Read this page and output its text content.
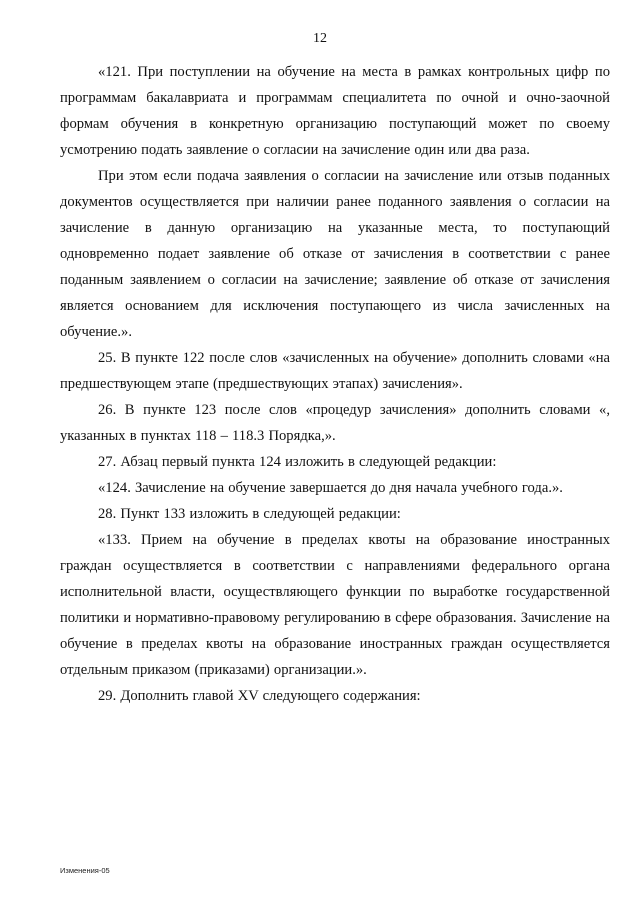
12

«121. При поступлении на обучение на места в рамках контрольных цифр по программам бакалавриата и программам специалитета по очной и очно-заочной формам обучения в конкретную организацию поступающий может по своему усмотрению подать заявление о согласии на зачисление один или два раза.

При этом если подача заявления о согласии на зачисление или отзыв поданных документов осуществляется при наличии ранее поданного заявления о согласии на зачисление в данную организацию на указанные места, то поступающий одновременно подает заявление об отказе от зачисления в соответствии с ранее поданным заявлением о согласии на зачисление; заявление об отказе от зачисления является основанием для исключения поступающего из числа зачисленных на обучение.».

25. В пункте 122 после слов «зачисленных на обучение» дополнить словами «на предшествующем этапе (предшествующих этапах) зачисления».

26. В пункте 123 после слов «процедур зачисления» дополнить словами «, указанных в пунктах 118 – 118.3 Порядка,».

27. Абзац первый пункта 124 изложить в следующей редакции:

«124. Зачисление на обучение завершается до дня начала учебного года.».

28. Пункт 133 изложить в следующей редакции:

«133. Прием на обучение в пределах квоты на образование иностранных граждан осуществляется в соответствии с направлениями федерального органа исполнительной власти, осуществляющего функции по выработке государственной политики и нормативно-правовому регулированию в сфере образования. Зачисление на обучение в пределах квоты на образование иностранных граждан осуществляется отдельным приказом (приказами) организации.».

29. Дополнить главой XV следующего содержания:

Изменения-05
